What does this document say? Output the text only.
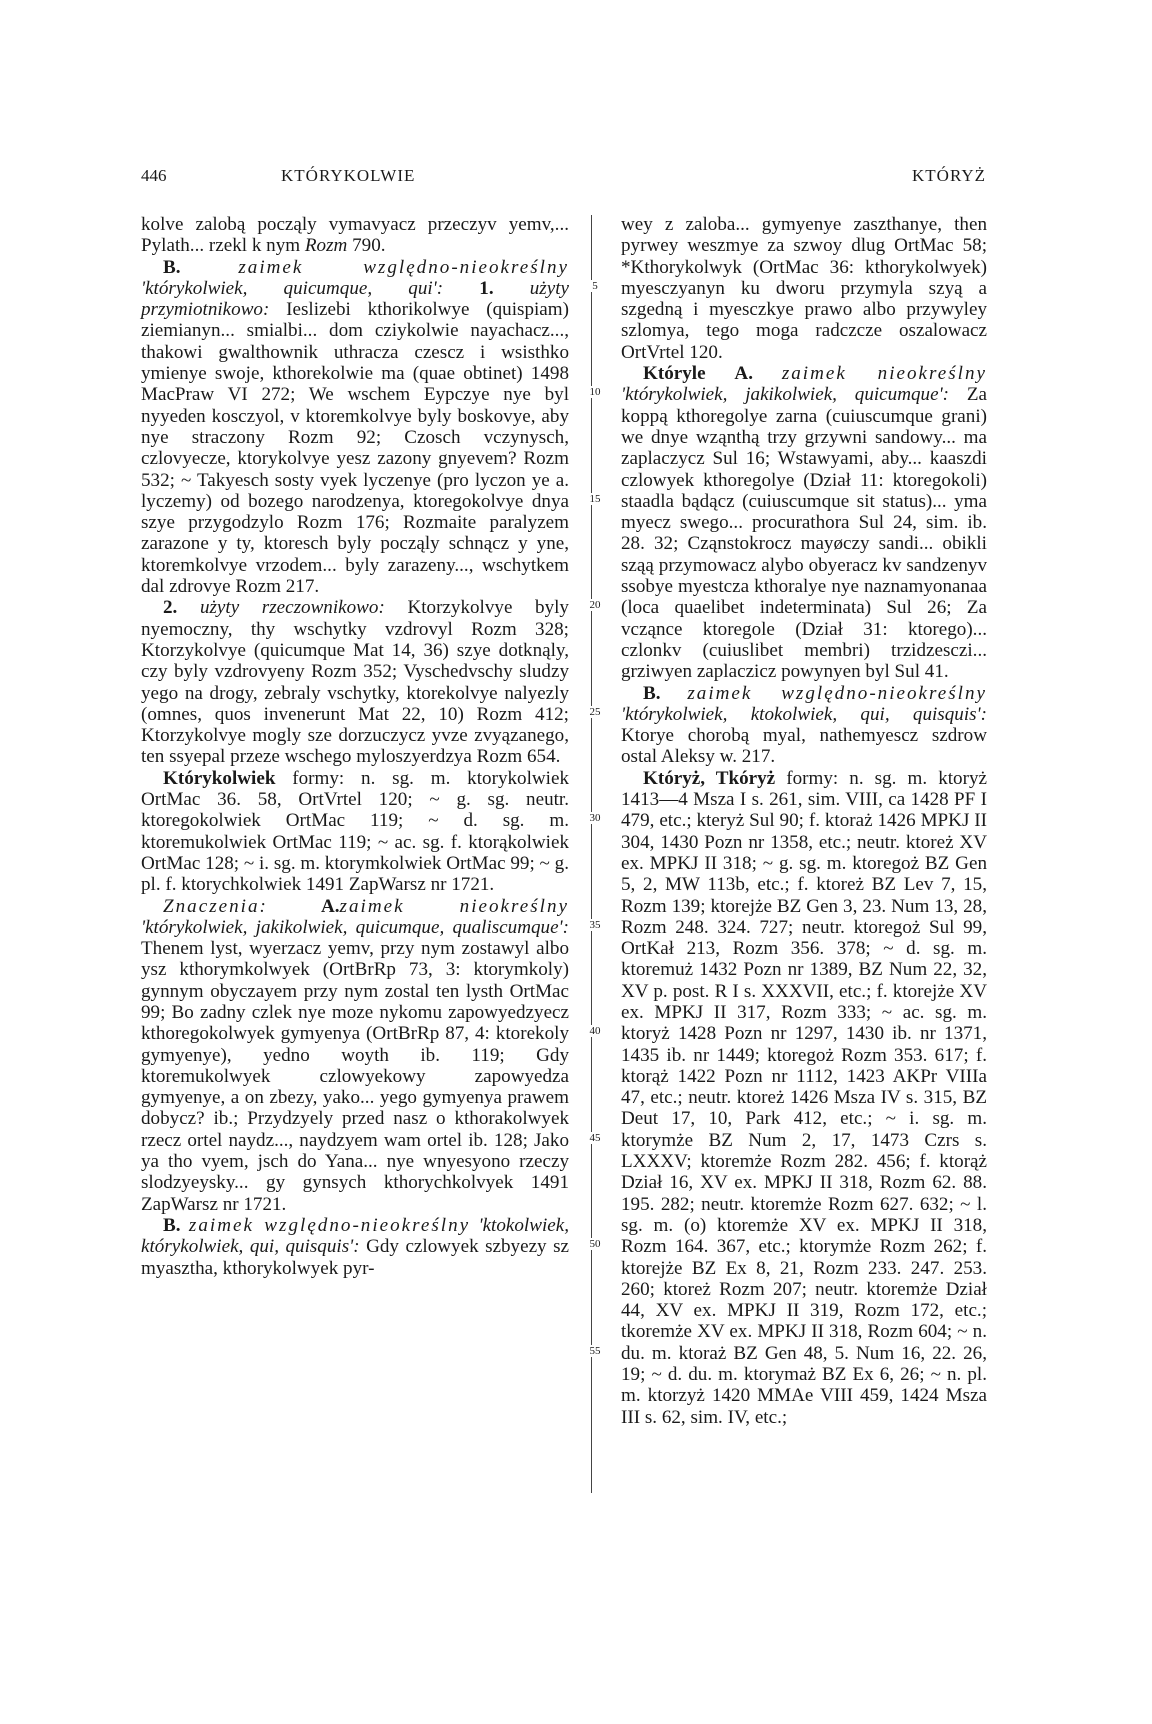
446	KTÓRYKOLWIE	KTÓRYŻ
5
10
15
20
25
30
35
40
45
50
55

kolve zalobą począly vymavyacz przeczyv yemv,... Pylath... rzekl k nym Rozm 790.

B.	zaimek względno-nieokreślny 'którykolwiek, quicumque, qui': 1. użyty przymiotnikowo: Ieslizebi kthorikolwye (quispiam) ziemianyn... smialbi... dom cziykolwie nayachacz..., thakowi gwalthownik uthracza czescz i wsisthko ymienye swoje, kthorekolwie ma (quae obtinet) 1498 MacPraw VI 272; We wschem Eypczye nye byl nyyeden kosczyol, v ktoremkolvye byly boskovye, aby nye straczony Rozm 92; Czosch vczynysch, czlovyecze, ktorykolvye yesz zazony gnyevem? Rozm 532; ~ Takyesch sosty vyek lyczenye (pro lyczon ye a. lyczemy) od bozego narodzenya, ktoregokolvye dnya szye przygodzylo Rozm 176; Rozmaite paralyzem zarazone y ty, ktoresch byly począly schnącz y yne, ktoremkolvye vrzodem... byly zarazeny..., wschytkem dal zdrovye Rozm 217.

2. użyty rzeczownikowo: Ktorzykolvye byly nyemoczny, thy wschytky vzdrovyl Rozm 328; Ktorzykolvye (quicumque Mat 14, 36) szye dotknąly, czy byly vzdrovyeny Rozm 352; Vyschedvschy sludzy yego na drogy, zebraly vschytky, ktorekolvye nalyezly (omnes, quos invenerunt Mat 22, 10) Rozm 412; Ktorzykolvye mogly sze dorzuczycz yvze zvyązanego, ten ssyepal przeze wschego myloszyerdzya Rozm 654.

Którykolwiek formy: n. sg. m. ktorykolwiek OrtMac 36. 58, OrtVrtel 120; ~ g. sg. neutr. ktoregokolwiek OrtMac 119; ~ d. sg. m. ktoremukolwiek OrtMac 119; ~ ac. sg. f. ktorąkolwiek OrtMac 128; ~ i. sg. m. ktorymkolwiek OrtMac 99; ~ g. pl. f. ktorychkolwiek 1491 ZapWarsz nr 1721.

Znaczenia:	A.zaimek nieokreślny 'którykolwiek, jakikolwiek, quicumque, qualiscumque': Thenem lyst, wyerzacz yemv, przy nym zostawyl albo ysz kthorymkolwyek (OrtBrRp 73, 3: ktorymkoly) gynnym obyczayem przy nym zostal ten lysth OrtMac 99; Bo zadny czlek nye moze nykomu zapowyedzyecz kthoregokolwyek gymyenya (OrtBrRp 87, 4: ktorekoly gymyenye), yedno woyth ib. 119; Gdy ktoremukolwyek czlowyekowy zapowyedza gymyenye, a on zbezy, yako... yego gymyenya prawem dobycz? ib.; Przydzyely przed nasz o kthorakolwyek rzecz ortel naydz..., naydzyem wam ortel ib. 128; Jako ya tho vyem, jsch do Yana... nye wnyesyono rzeczy slodzyeysky... gy gynsych kthorychkolvyek 1491 ZapWarsz nr 1721.

B. zaimek względno-nieokreślny 'ktokolwiek, którykolwiek, qui, quisquis': Gdy czlowyek szbyezy sz myasztha, kthorykolwyek pyr-

wey z zaloba... gymyenye zaszthanye, then pyrwey weszmye za szwoy dlug OrtMac 58; *Kthorykolwyk (OrtMac 36: kthorykolwyek) myesczyanyn ku dworu przymyla szyą a szgedną i myesczkye prawo albo przywyley szlomya, tego moga radczcze oszalowacz OrtVrtel 120.

Któryle A. zaimek nieokreślny 'którykolwiek, jakikolwiek, quicumque': Za koppą kthoregolye zarna (cuiuscumque grani) we dnye wząnthą trzy grzywni sandowy... ma zaplaczycz Sul 16; Wstawyami, aby... kaaszdi czlowyek kthoregolye (Dział 11: ktoregokoli) staadla bądącz (cuiuscumque sit status)... yma myecz swego... procurathora Sul 24, sim. ib. 28. 32; Cząnstokrocz mayøczy sandi... obikli sząą przymowacz alybo obyeracz kv sandzenyv ssobye myestcza kthoralye nye naznamyonanaa (loca quaelibet indeterminata) Sul 26; Za vcząnce ktoregole (Dział 31: ktorego)... czlonkv (cuiuslibet membri) trzidzesczi... grziwyen zaplaczicz powynyen byl Sul 41.

B. zaimek względno-nieokreślny 'którykolwiek, ktokolwiek, qui, quisquis': Ktorye chorobą myal, nathemyescz szdrow ostal Aleksy w. 217.

Któryż, Tkóryż formy: n. sg. m. ktoryż 1413—4 Msza I s. 261, sim. VIII, ca 1428 PF I 479, etc.; kteryż Sul 90; f. ktoraż 1426 MPKJ II 304, 1430 Pozn nr 1358, etc.; neutr. ktoreż XV ex. MPKJ II 318; ~ g. sg. m. ktoregoż BZ Gen 5, 2, MW 113b, etc.; f. ktoreż BZ Lev 7, 15, Rozm 139; ktorejże BZ Gen 3, 23. Num 13, 28, Rozm 248. 324. 727; neutr. ktoregoż Sul 99, OrtKał 213, Rozm 356. 378; ~ d. sg. m. ktoremuż 1432 Pozn nr 1389, BZ Num 22, 32, XV p. post. R I s. XXXVII, etc.; f. ktorejże XV ex. MPKJ II 317, Rozm 333; ~ ac. sg. m. ktoryż 1428 Pozn nr 1297, 1430 ib. nr 1371, 1435 ib. nr 1449; ktoregoż Rozm 353. 617; f. ktorąż 1422 Pozn nr 1112, 1423 AKPr VIIIa 47, etc.; neutr. ktoreż 1426 Msza IV s. 315, BZ Deut 17, 10, Park 412, etc.; ~ i. sg. m. ktorymże BZ Num 2, 17, 1473 Czrs s. LXXXV; ktoremże Rozm 282. 456; f. ktorąż Dział 16, XV ex. MPKJ II 318, Rozm 62. 88. 195. 282; neutr. ktoremże Rozm 627. 632; ~ l. sg. m. (o) ktoremże XV ex. MPKJ II 318, Rozm 164. 367, etc.; ktorymże Rozm 262; f. ktorejże BZ Ex 8, 21, Rozm 233. 247. 253. 260; ktoreż Rozm 207; neutr. ktoremże Dział 44, XV ex. MPKJ II 319, Rozm 172, etc.; tkoremże XV ex. MPKJ II 318, Rozm 604; ~ n. du. m. ktoraż BZ Gen 48, 5. Num 16, 22. 26, 19; ~ d. du. m. ktorymaż BZ Ex 6, 26; ~ n. pl. m. ktorzyż 1420 MMAe VIII 459, 1424 Msza III s. 62, sim. IV, etc.;
